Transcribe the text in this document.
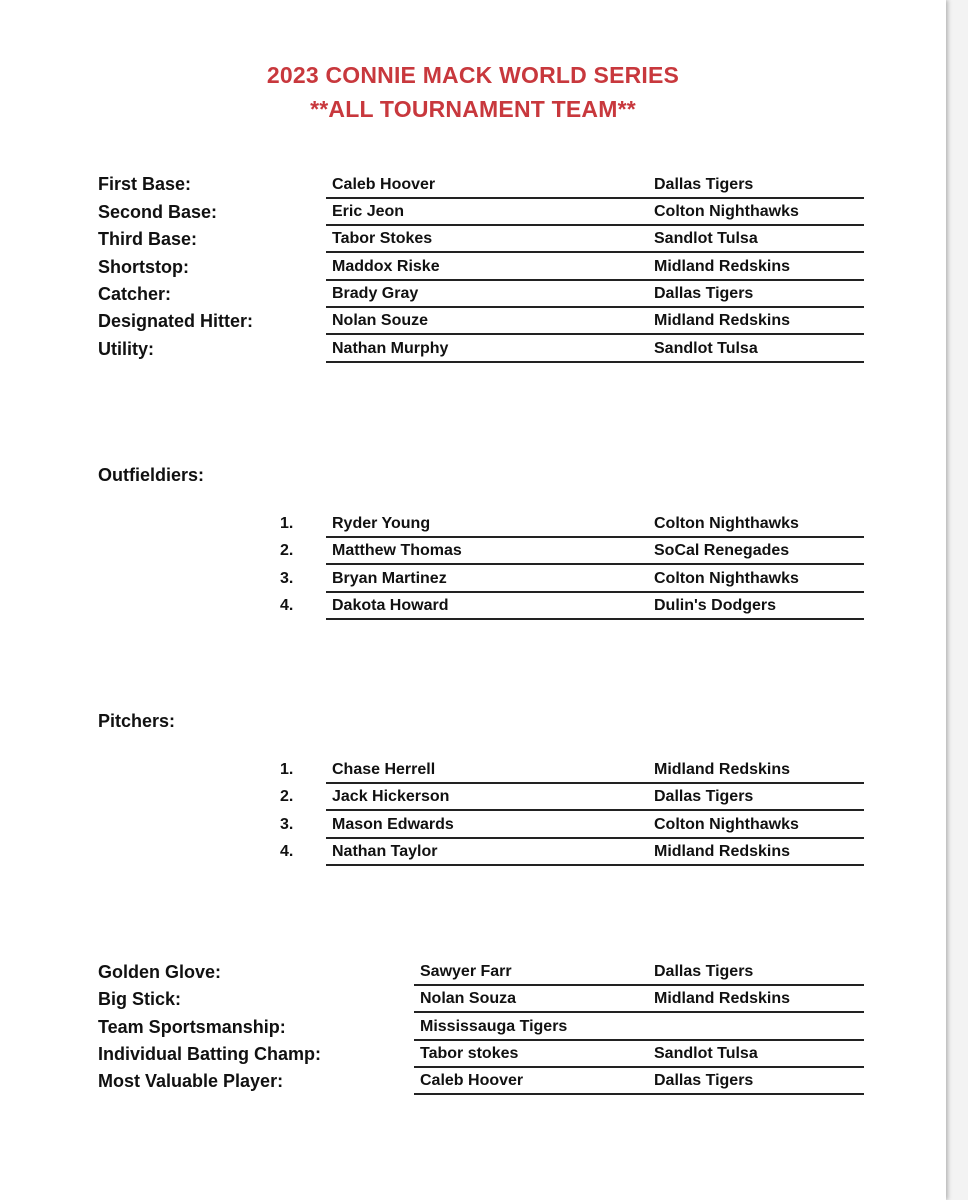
2023 CONNIE MACK WORLD SERIES
**ALL TOURNAMENT TEAM**
First Base:	Caleb Hoover	Dallas Tigers
Second Base:	Eric Jeon	Colton Nighthawks
Third Base:	Tabor Stokes	Sandlot Tulsa
Shortstop:	Maddox Riske	Midland Redskins
Catcher:	Brady Gray	Dallas Tigers
Designated Hitter:	Nolan Souze	Midland Redskins
Utility:	Nathan Murphy	Sandlot Tulsa
Outfieldiers:
1. Ryder Young	Colton Nighthawks
2. Matthew Thomas	SoCal Renegades
3. Bryan Martinez	Colton Nighthawks
4. Dakota Howard	Dulin's Dodgers
Pitchers:
1. Chase Herrell	Midland Redskins
2. Jack Hickerson	Dallas Tigers
3. Mason Edwards	Colton Nighthawks
4. Nathan Taylor	Midland Redskins
Golden Glove:	Sawyer Farr	Dallas Tigers
Big Stick:	Nolan Souza	Midland Redskins
Team Sportsmanship:	Mississauga Tigers
Individual Batting Champ:	Tabor stokes	Sandlot Tulsa
Most Valuable Player:	Caleb Hoover	Dallas Tigers
